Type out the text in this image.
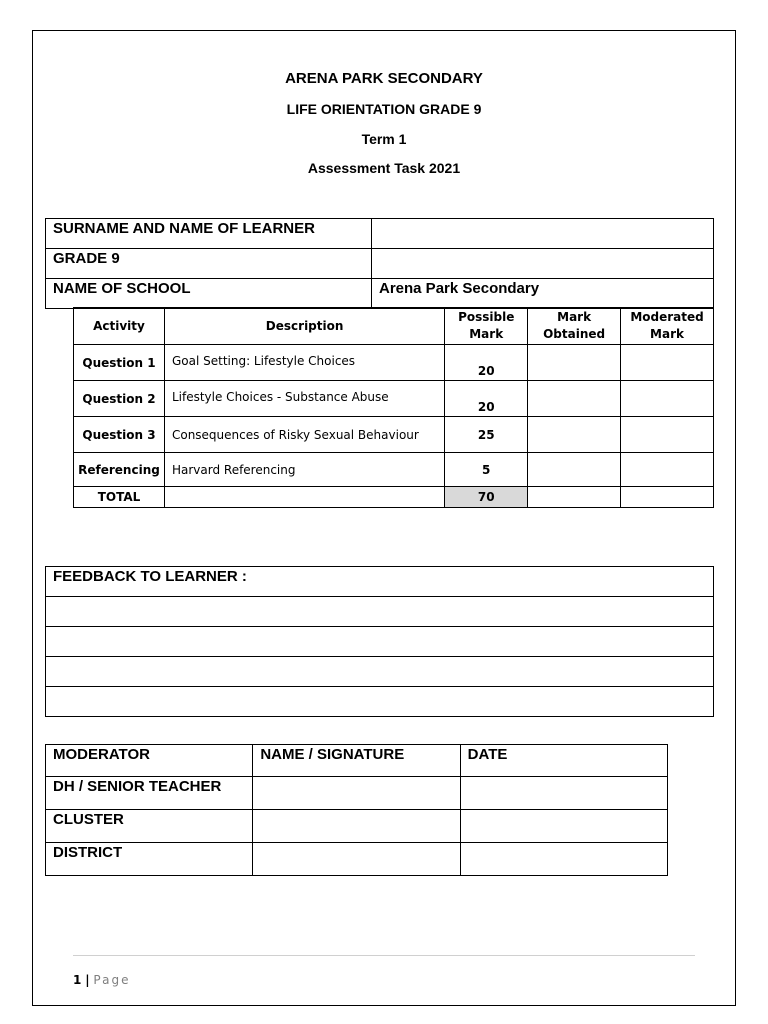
ARENA PARK SECONDARY
LIFE ORIENTATION GRADE 9
Term 1
Assessment Task 2021
SURNAME AND NAME OF LEARNER	
GRADE 9	
NAME OF SCHOOL	Arena Park Secondary
Activity	Description	Possible Mark	Mark Obtained	Moderated Mark
Question 1	Goal Setting: Lifestyle Choices	20		
Question 2	Lifestyle Choices - Substance Abuse	20		
Question 3	Consequences of Risky Sexual Behaviour	25		
Referencing	Harvard Referencing	5		
TOTAL		70		
FEEDBACK TO LEARNER :

MODERATOR	NAME / SIGNATURE	DATE
DH / SENIOR TEACHER		
CLUSTER		
DISTRICT		
1 | Page
